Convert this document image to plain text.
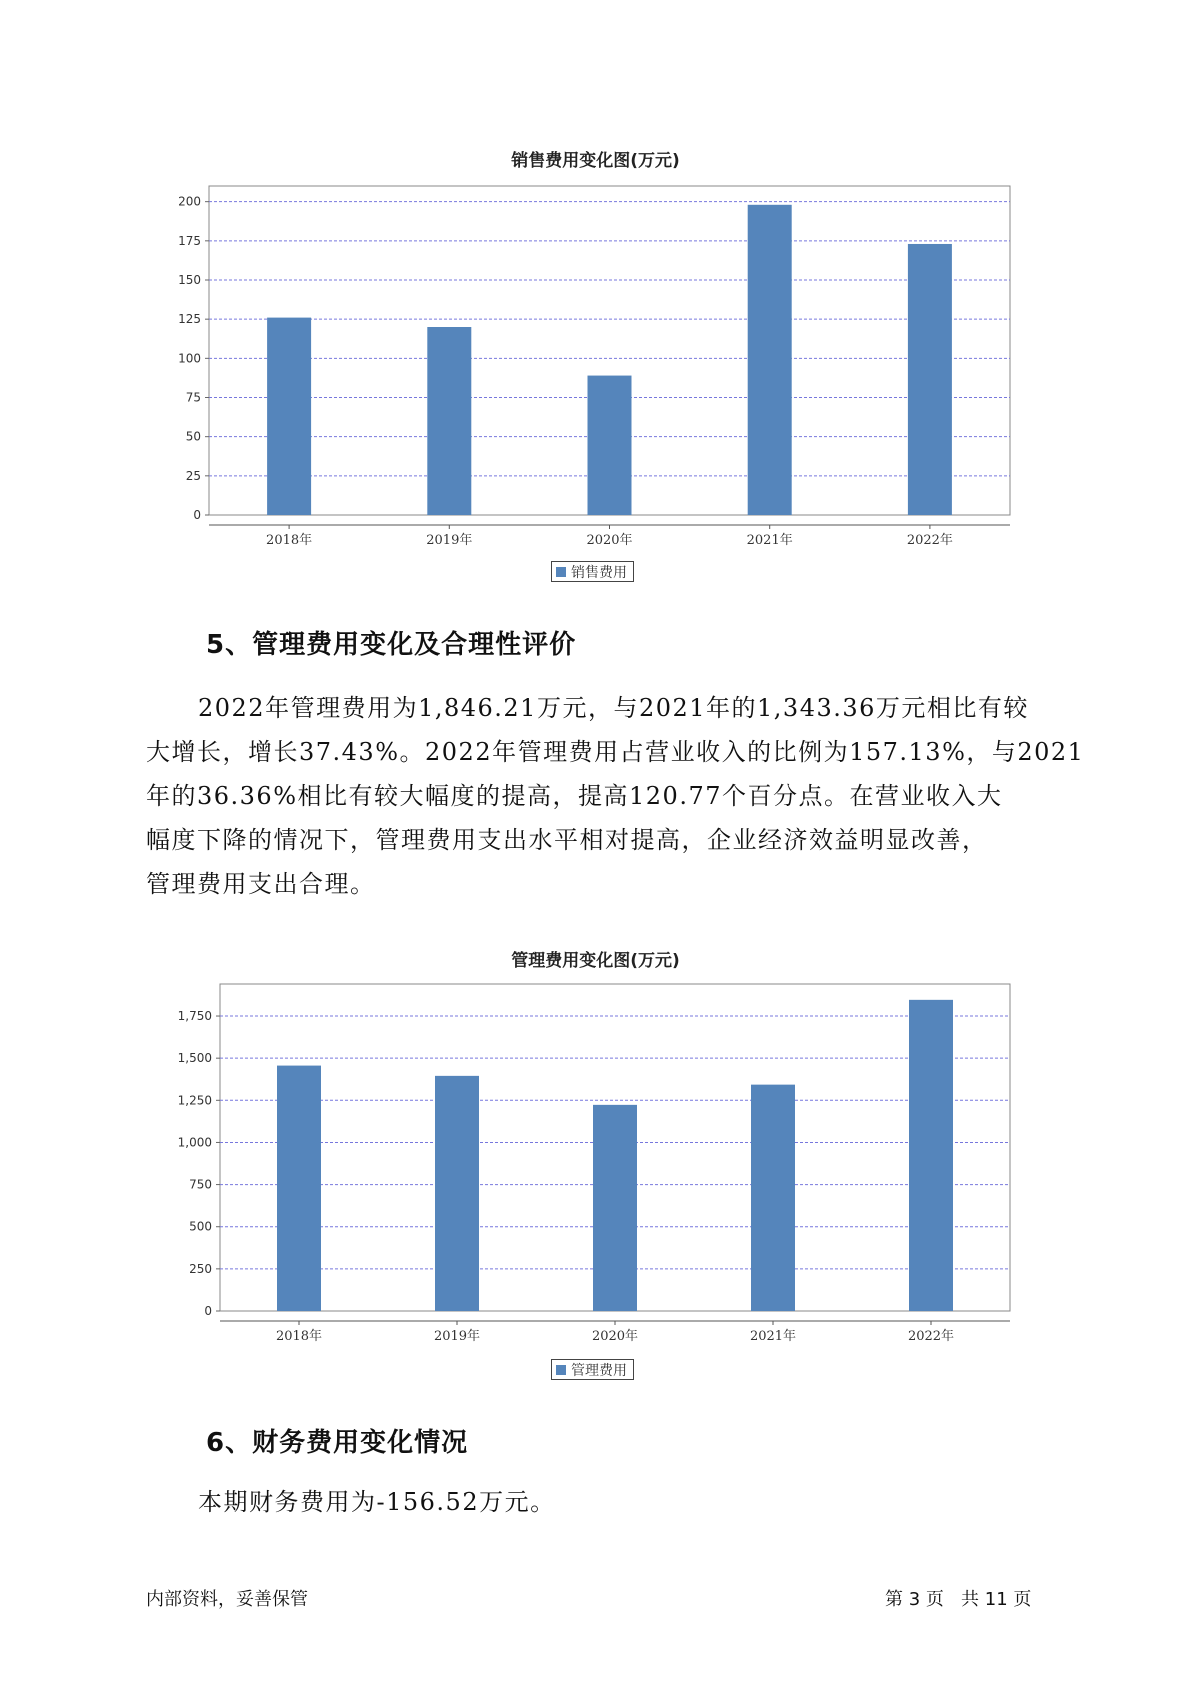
销售费用变化图(万元)
0
25
50
75
100
125
150
175
200
2018年	2019年	2020年	2021年	2022年
销售费用
5、管理费用变化及合理性评价
2022年管理费用为1,846.21万元，与2021年的1,343.36万元相比有较
大增长，增长37.43%。2022年管理费用占营业收入的比例为157.13%，与2021
年的36.36%相比有较大幅度的提高，提高120.77个百分点。在营业收入大
幅度下降的情况下，管理费用支出水平相对提高，企业经济效益明显改善，
管理费用支出合理。
管理费用变化图(万元)
0
250
500
750
1,000
1,250
1,500
1,750
2018年	2019年	2020年	2021年	2022年
管理费用
6、财务费用变化情况
本期财务费用为-156.52万元。
内部资料，妥善保管	第 3 页   共 11 页
